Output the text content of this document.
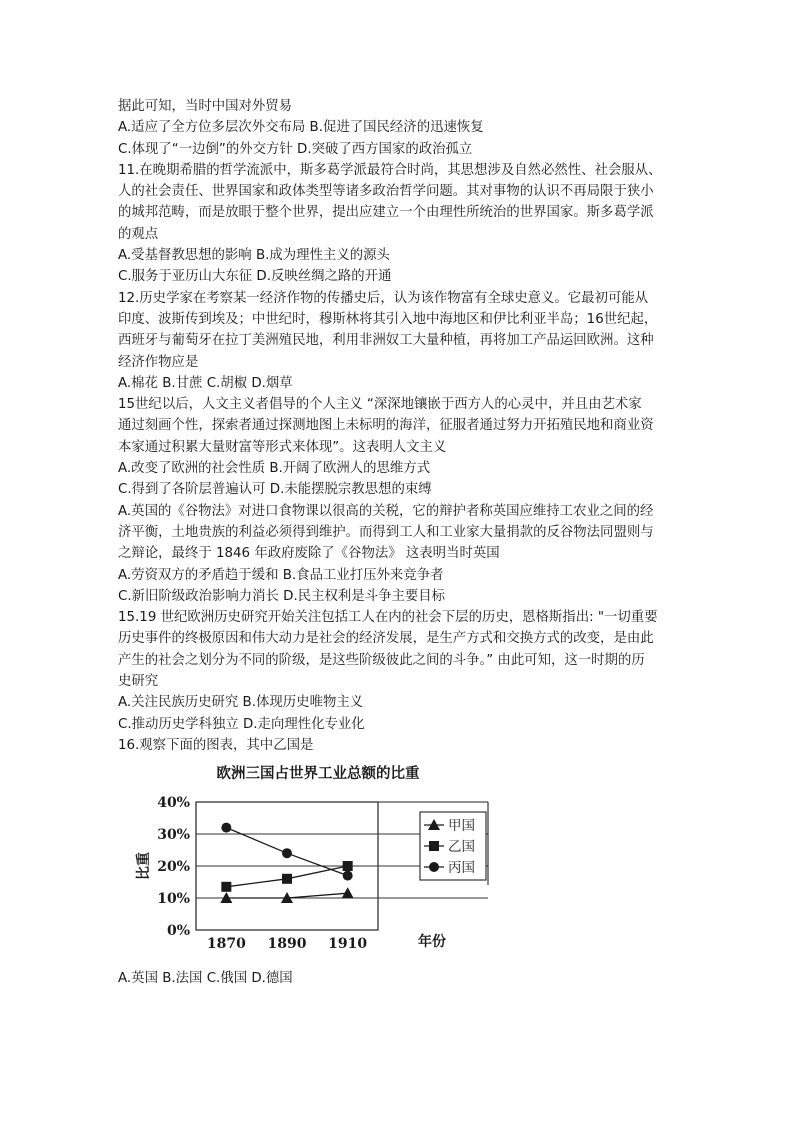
据此可知，当时中国对外贸易
A.适应了全方位多层次外交布局 B.促进了国民经济的迅速恢复
C.体现了“一边倒”的外交方针 D.突破了西方国家的政治孤立
11.在晚期希腊的哲学流派中，斯多葛学派最符合时尚，其思想涉及自然必然性、社会服从、
人的社会责任、世界国家和政体类型等诸多政治哲学问题。其对事物的认识不再局限于狭小
的城邦范畴，而是放眼于整个世界，提出应建立一个由理性所统治的世界国家。斯多葛学派
的观点
A.受基督教思想的影响 B.成为理性主义的源头
C.服务于亚历山大东征 D.反映丝绸之路的开通
12.历史学家在考察某一经济作物的传播史后，认为该作物富有全球史意义。它最初可能从
印度、波斯传到埃及；中世纪时，穆斯林将其引入地中海地区和伊比利亚半岛；16世纪起，
西班牙与葡萄牙在拉丁美洲殖民地，利用非洲奴工大量种植，再将加工产品运回欧洲。这种
经济作物应是
A.棉花 B.甘蔗 C.胡椒 D.烟草
15世纪以后，人文主义者倡导的个人主义 “深深地镶嵌于西方人的心灵中，并且由艺术家
通过刻画个性，探索者通过探测地图上未标明的海洋，征服者通过努力开拓殖民地和商业资
本家通过积累大量财富等形式来体现”。这表明人文主义
A.改变了欧洲的社会性质 B.开阔了欧洲人的思维方式
C.得到了各阶层普遍认可 D.未能摆脱宗教思想的束缚
A.英国的《谷物法》对进口食物课以很高的关税，它的辩护者称英国应维持工农业之间的经
济平衡，土地贵族的利益必须得到维护。而得到工人和工业家大量捐款的反谷物法同盟则与
之辩论，最终于 1846 年政府废除了《谷物法》 这表明当时英国
A.劳资双方的矛盾趋于缓和 B.食品工业打压外来竞争者
C.新旧阶级政治影响力消长 D.民主权利是斗争主要目标
15.19 世纪欧洲历史研究开始关注包括工人在内的社会下层的历史，恩格斯指出: "一切重要
历史事件的终极原因和伟大动力是社会的经济发展，是生产方式和交换方式的改变，是由此
产生的社会之划分为不同的阶级，是这些阶级彼此之间的斗争。” 由此可知，这一时期的历
史研究
A.关注民族历史研究 B.体现历史唯物主义
C.推动历史学科独立 D.走向理性化专业化
16.观察下面的图表，其中乙国是
欧洲三国占世界工业总额的比重
比重
年份
0%
10%
20%
30%
40%
1870 1890 1910
甲国
乙国
丙国
A.英国 B.法国 C.俄国 D.德国
